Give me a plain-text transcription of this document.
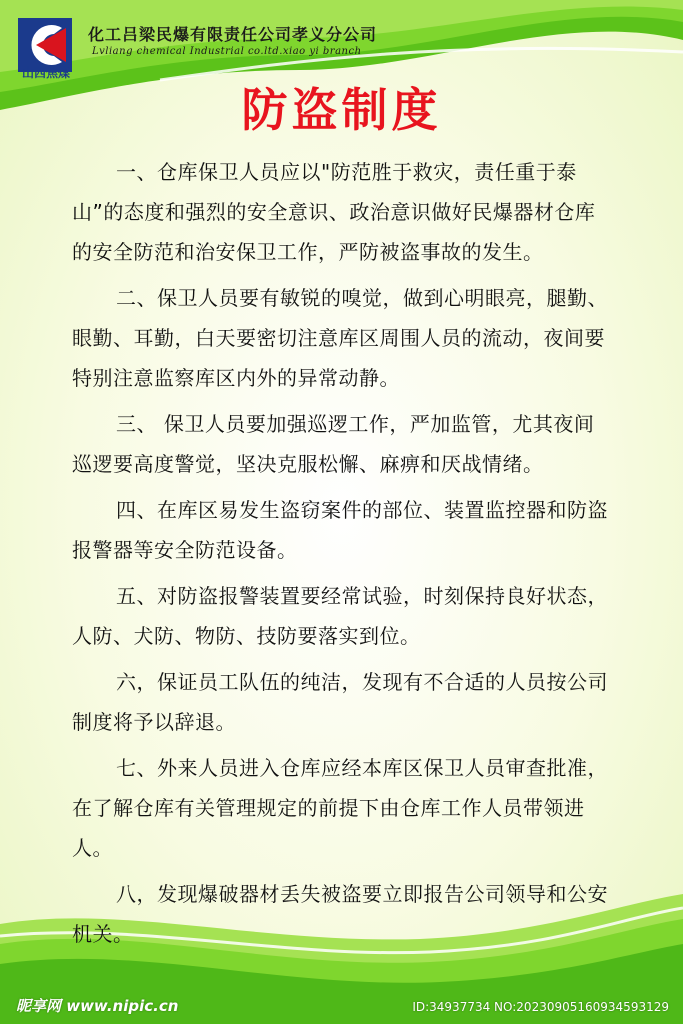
山西焦煤
化工吕梁民爆有限责任公司孝义分公司
Lvliang chemical Industrial co.ltd.xiao yi branch
防盗制度

一、仓库保卫人员应以"防范胜于救灾，责任重于泰山”的态度和强烈的安全意识、政治意识做好民爆器材仓库的安全防范和治安保卫工作，严防被盗事故的发生。

二、保卫人员要有敏锐的嗅觉，做到心明眼亮，腿勤、眼勤、耳勤，白天要密切注意库区周围人员的流动，夜间要特别注意监察库区内外的异常动静。

三、 保卫人员要加强巡逻工作，严加监管，尤其夜间巡逻要高度警觉，坚决克服松懈、麻痹和厌战情绪。

四、在库区易发生盗窃案件的部位、装置监控器和防盗报警器等安全防范设备。

五、对防盗报警装置要经常试验，时刻保持良好状态，人防、犬防、物防、技防要落实到位。

六，保证员工队伍的纯洁，发现有不合适的人员按公司制度将予以辞退。

七、外来人员进入仓库应经本库区保卫人员审查批准，在了解仓库有关管理规定的前提下由仓库工作人员带领进人。

八，发现爆破器材丢失被盗要立即报告公司领导和公安机关。

昵享网 www.nipic.cn	ID:34937734 NO:20230905160934593129
